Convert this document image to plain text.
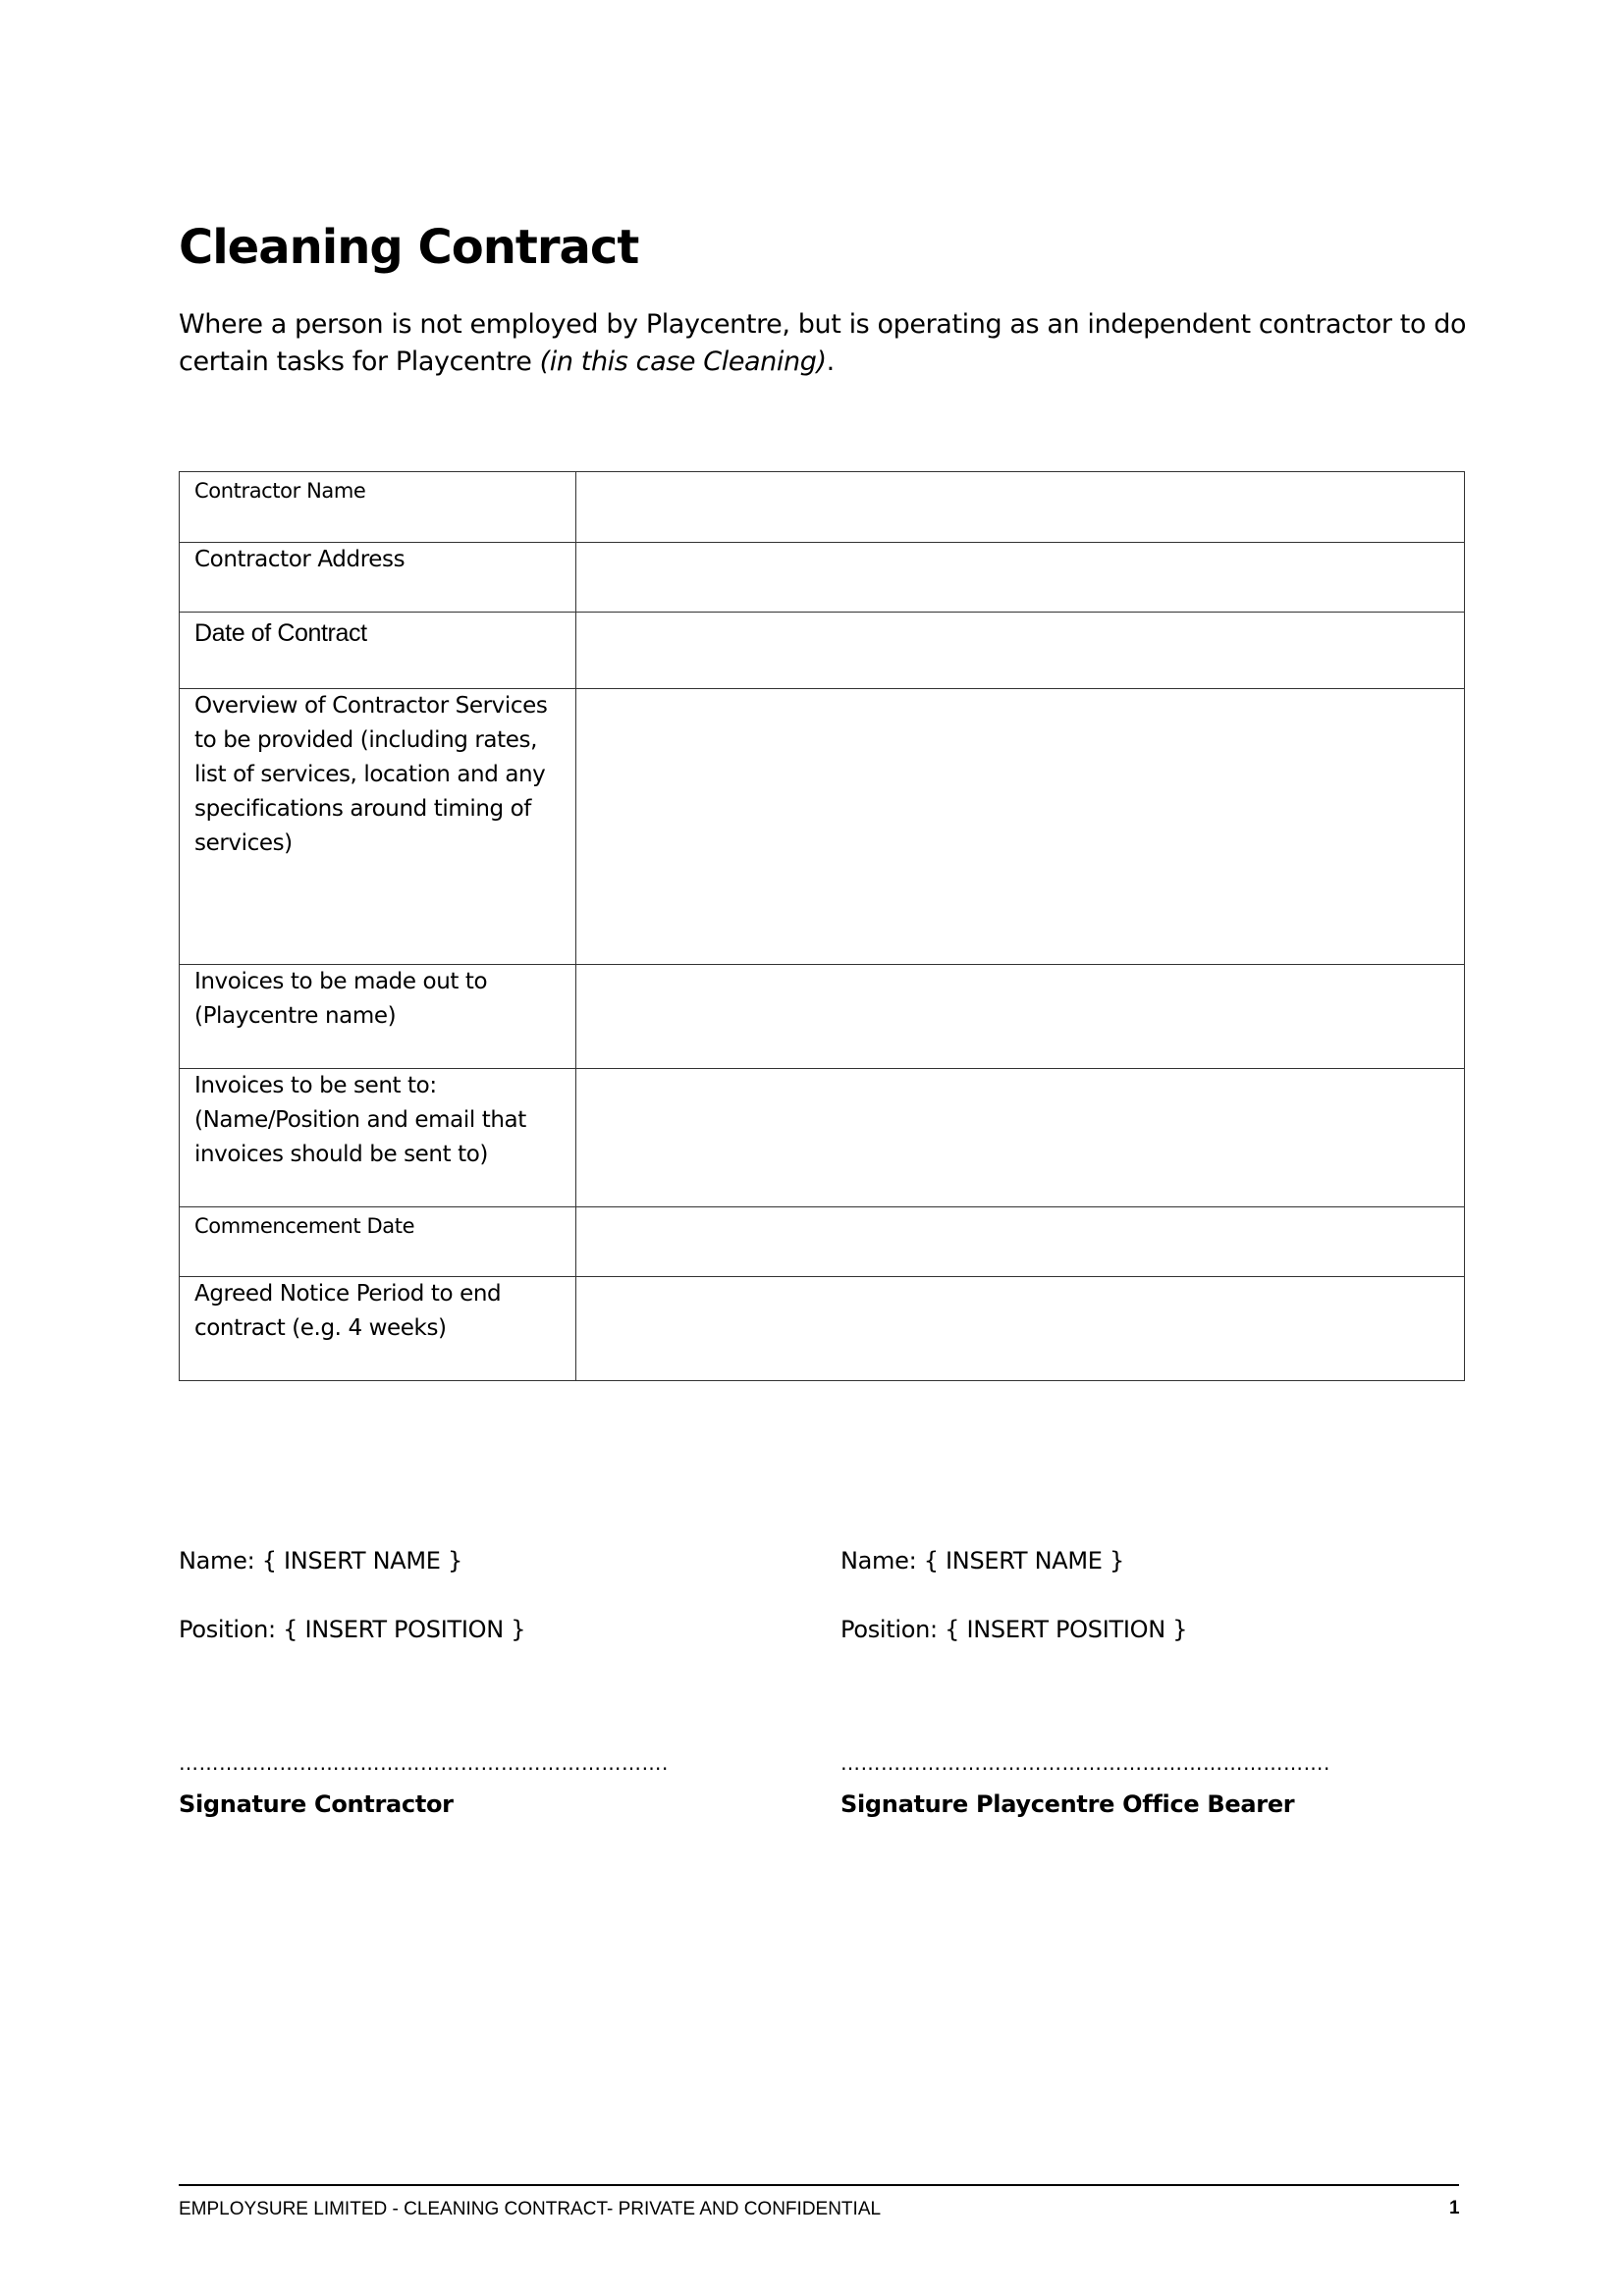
Cleaning Contract

Where a person is not employed by Playcentre, but is operating as an independent contractor to do certain tasks for Playcentre (in this case Cleaning).

Contractor Name	
Contractor Address	
Date of Contract	
Overview of Contractor Services to be provided (including rates, list of services, location and any specifications around timing of services)	
Invoices to be made out to (Playcentre name)	
Invoices to be sent to: (Name/Position and email that invoices should be sent to)	
Commencement Date	
Agreed Notice Period to end contract (e.g. 4 weeks)	
Name: { INSERT NAME }
Position: { INSERT POSITION }
……………………………………………………………….
Signature Contractor
Name: { INSERT NAME }
Position: { INSERT POSITION }
……………………………………………………………….
Signature Playcentre Office Bearer
EMPLOYSURE LIMITED - CLEANING CONTRACT- PRIVATE AND CONFIDENTIAL	1
